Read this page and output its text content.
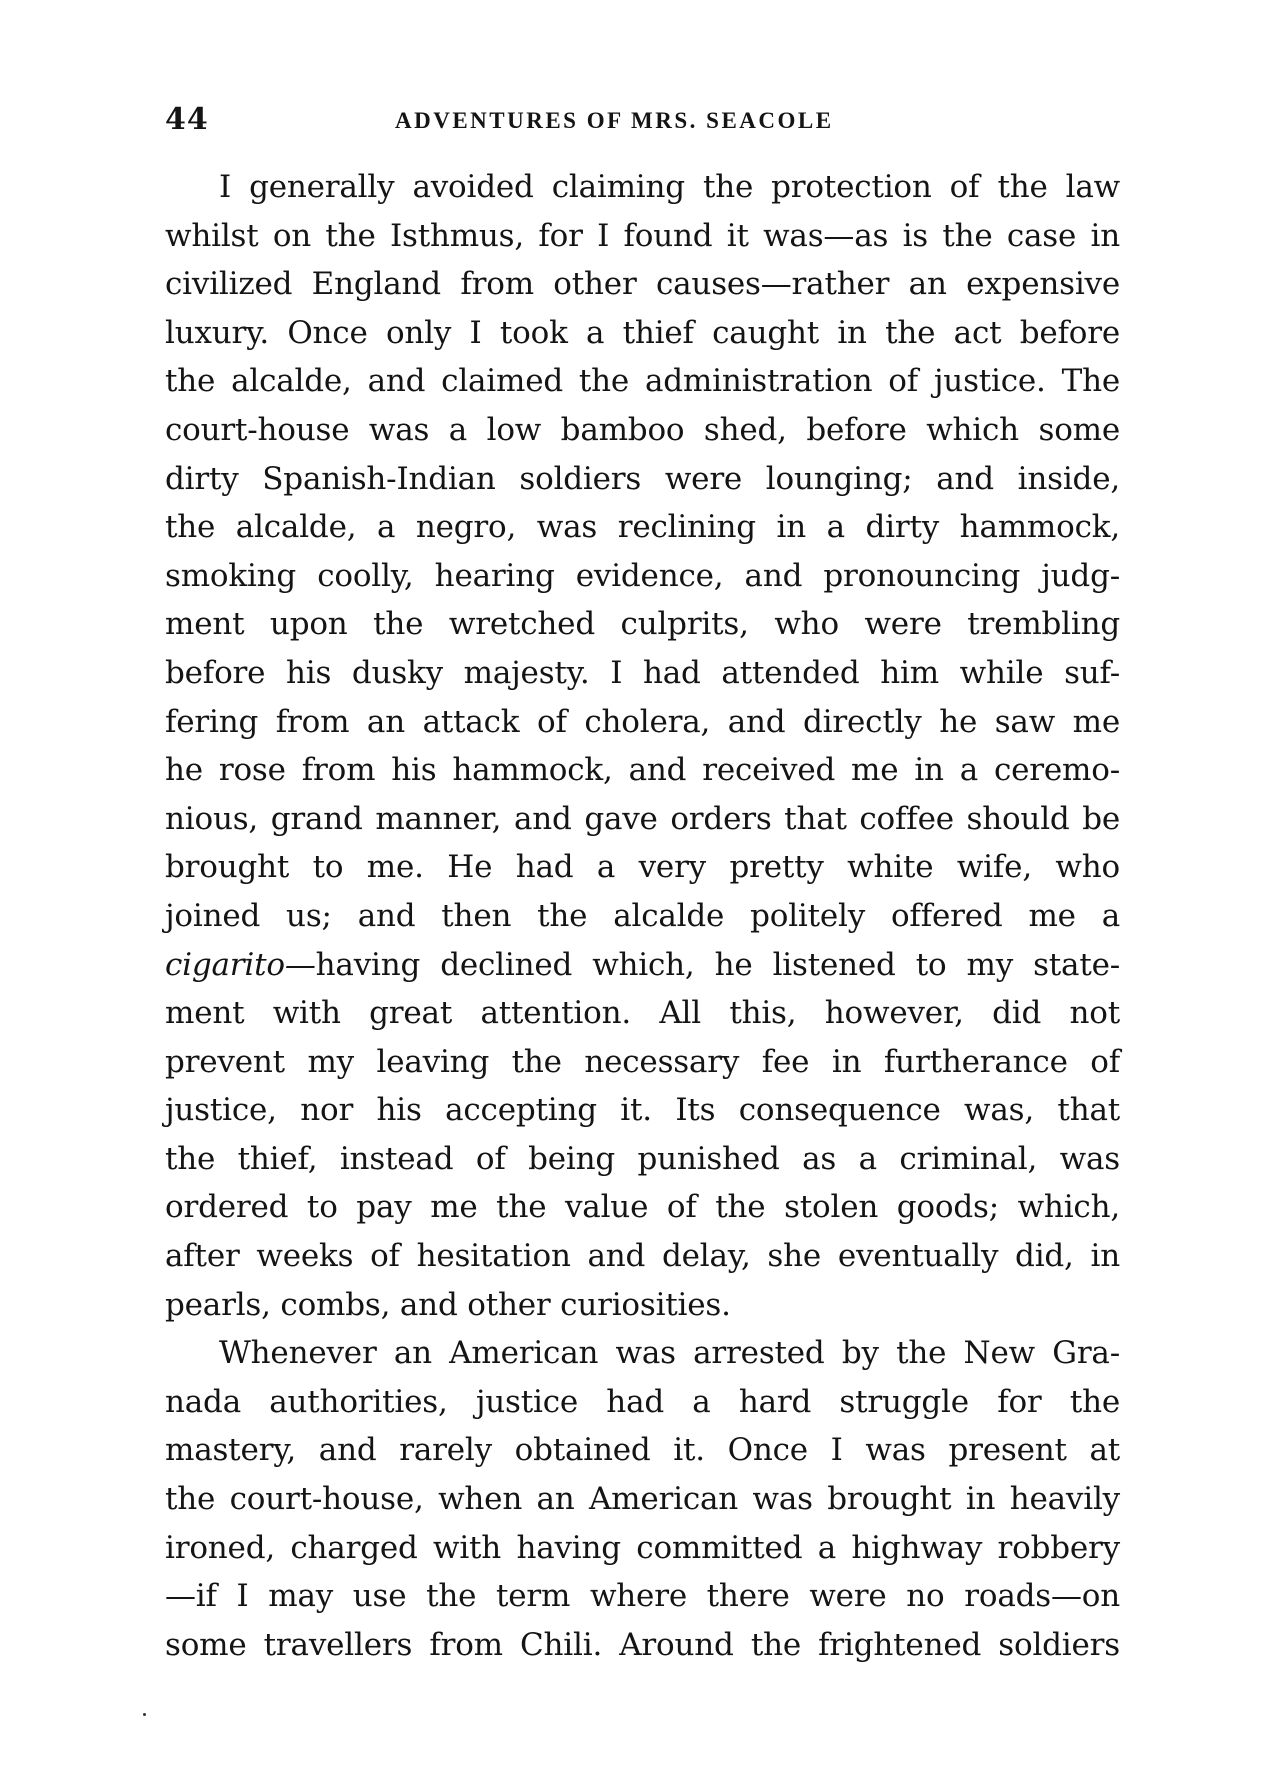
44	ADVENTURES OF MRS. SEACOLE
I generally avoided claiming the protection of the law
whilst on the Isthmus, for I found it was—as is the case in
civilized England from other causes—rather an expensive
luxury. Once only I took a thief caught in the act before
the alcalde, and claimed the administration of justice. The
court-house was a low bamboo shed, before which some
dirty Spanish-Indian soldiers were lounging; and inside,
the alcalde, a negro, was reclining in a dirty hammock,
smoking coolly, hearing evidence, and pronouncing judg-
ment upon the wretched culprits, who were trembling
before his dusky majesty. I had attended him while suf-
fering from an attack of cholera, and directly he saw me
he rose from his hammock, and received me in a ceremo-
nious, grand manner, and gave orders that coffee should be
brought to me. He had a very pretty white wife, who
joined us; and then the alcalde politely offered me a
cigarito—having declined which, he listened to my state-
ment with great attention. All this, however, did not
prevent my leaving the necessary fee in furtherance of
justice, nor his accepting it. Its consequence was, that
the thief, instead of being punished as a criminal, was
ordered to pay me the value of the stolen goods; which,
after weeks of hesitation and delay, she eventually did, in
pearls, combs, and other curiosities.
Whenever an American was arrested by the New Gra-
nada authorities, justice had a hard struggle for the
mastery, and rarely obtained it. Once I was present at
the court-house, when an American was brought in heavily
ironed, charged with having committed a highway robbery
—if I may use the term where there were no roads—on
some travellers from Chili. Around the frightened soldiers
